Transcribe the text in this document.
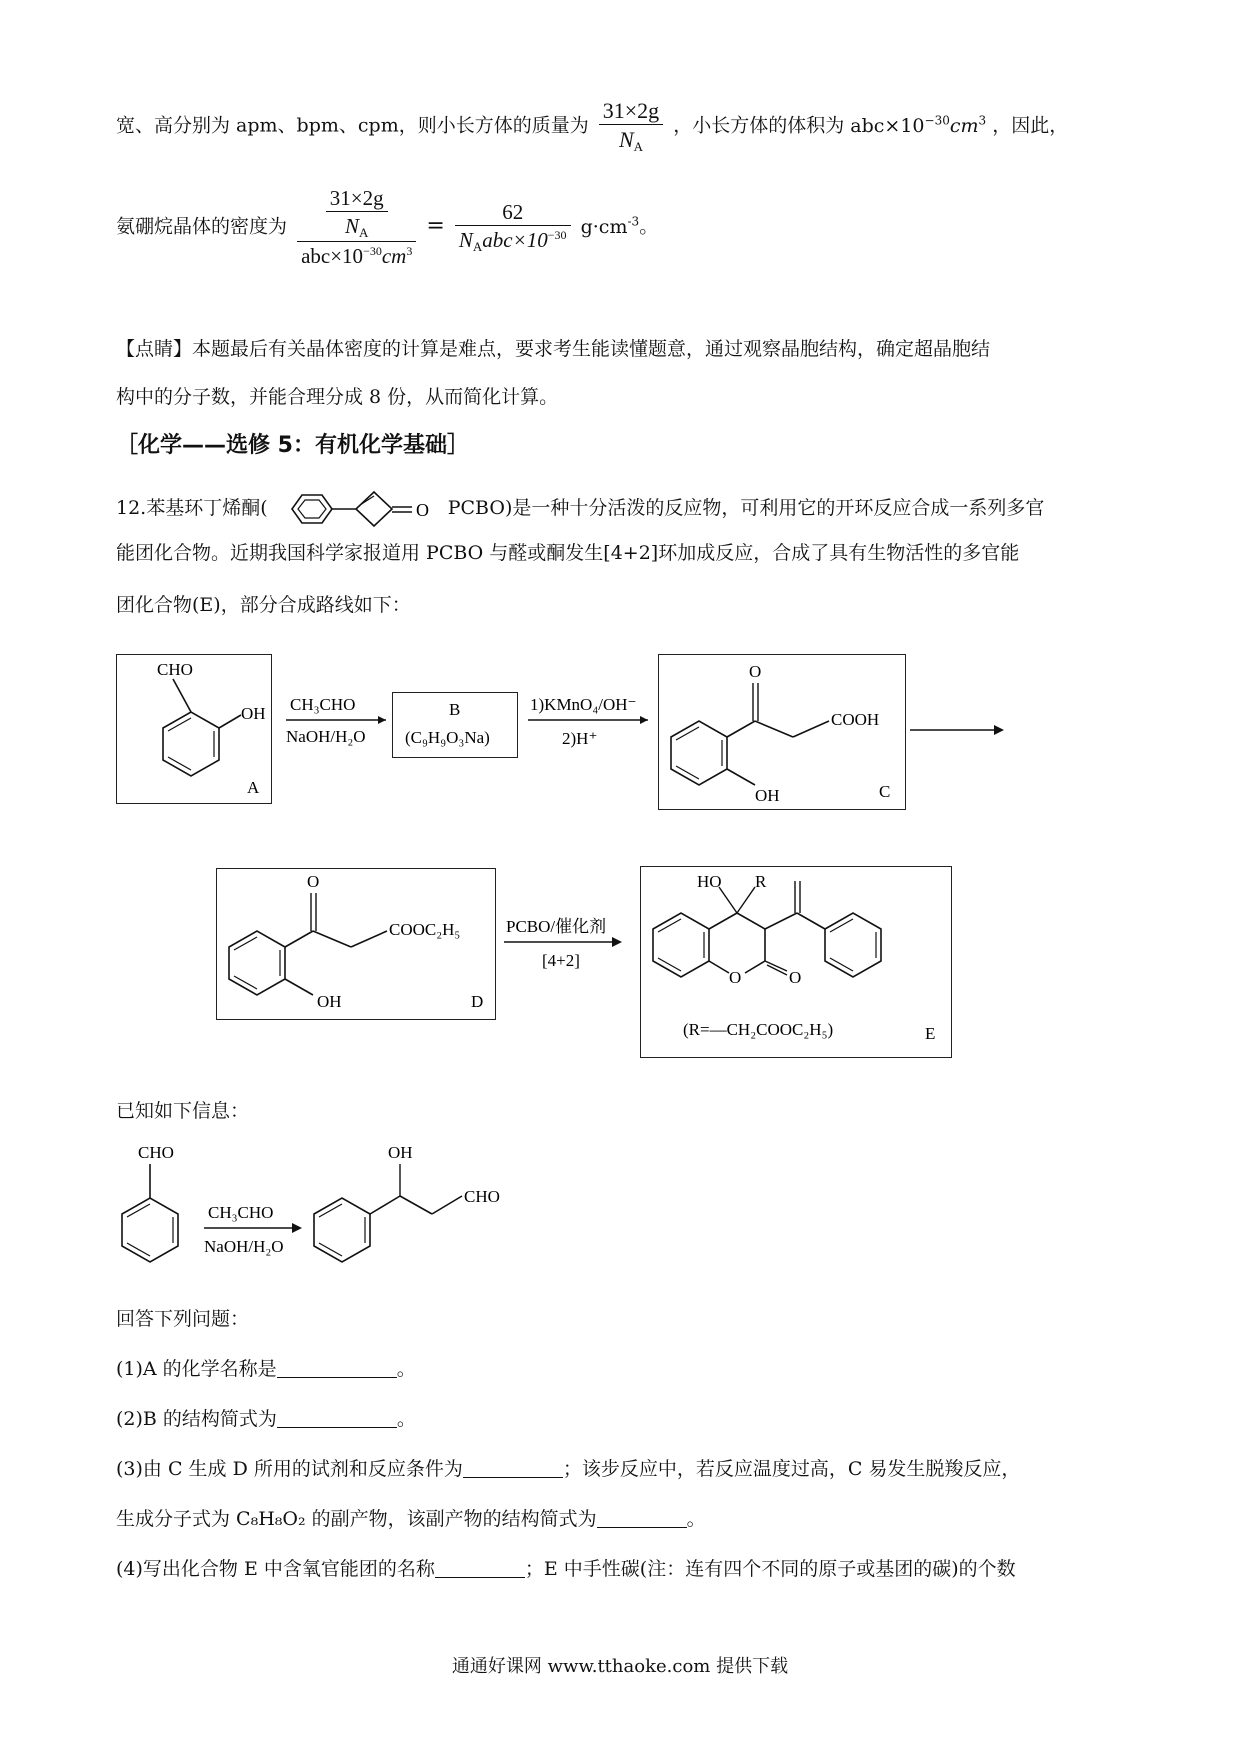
宽、高分别为 apm、bpm、cpm，则小长方体的质量为 $\frac{31\times 2g}{N_A}$ ，小长方体的体积为 $abc\times 10^{-30}cm^3$ ，因此，
氨硼烷晶体的密度为 $\frac{\frac{31\times 2g}{N_A}}{abc\times 10^{-30}cm^3} = \frac{62}{N_Aabc\times 10^{-30}} g\cdot cm^{-3}$。
【点睛】本题最后有关晶体密度的计算是难点，要求考生能读懂题意，通过观察晶胞结构，确定超晶胞结
构中的分子数，并能合理分成 8 份，从而简化计算。
［化学——选修 5：有机化学基础］
12.苯基环丁烯酮(	O PCBO)是一种十分活泼的反应物，可利用它的开环反应合成一系列多官
能团化合物。近期我国科学家报道用 PCBO 与醛或酮发生[4+2]环加成反应，合成了具有生物活性的多官能
团化合物(E)，部分合成路线如下：
CHO
OH
A
CH₃CHO
NaOH/H₂O
B
(C₉H₉O₃Na)
1)KMnO₄/OH⁻
2)H⁺
O
COOH
OH	C
O
COOC₂H₅
OH	D
PCBO/催化剂
[4+2]
O	O
HO R
(R=—CH₂COOC₂H₅)	E
已知如下信息：
CHO
CH₃CHO
NaOH/H₂O
OH
CHO
回答下列问题：
(1)A 的化学名称是	。
(2)B 的结构简式为	。
(3)由 C 生成 D 所用的试剂和反应条件为	；该步反应中，若反应温度过高，C 易发生脱羧反应，
生成分子式为 C₈H₈O₂ 的副产物，该副产物的结构简式为	。
(4)写出化合物 E 中含氧官能团的名称	；E 中手性碳(注：连有四个不同的原子或基团的碳)的个数
通通好课网 www.tthaoke.com 提供下载
